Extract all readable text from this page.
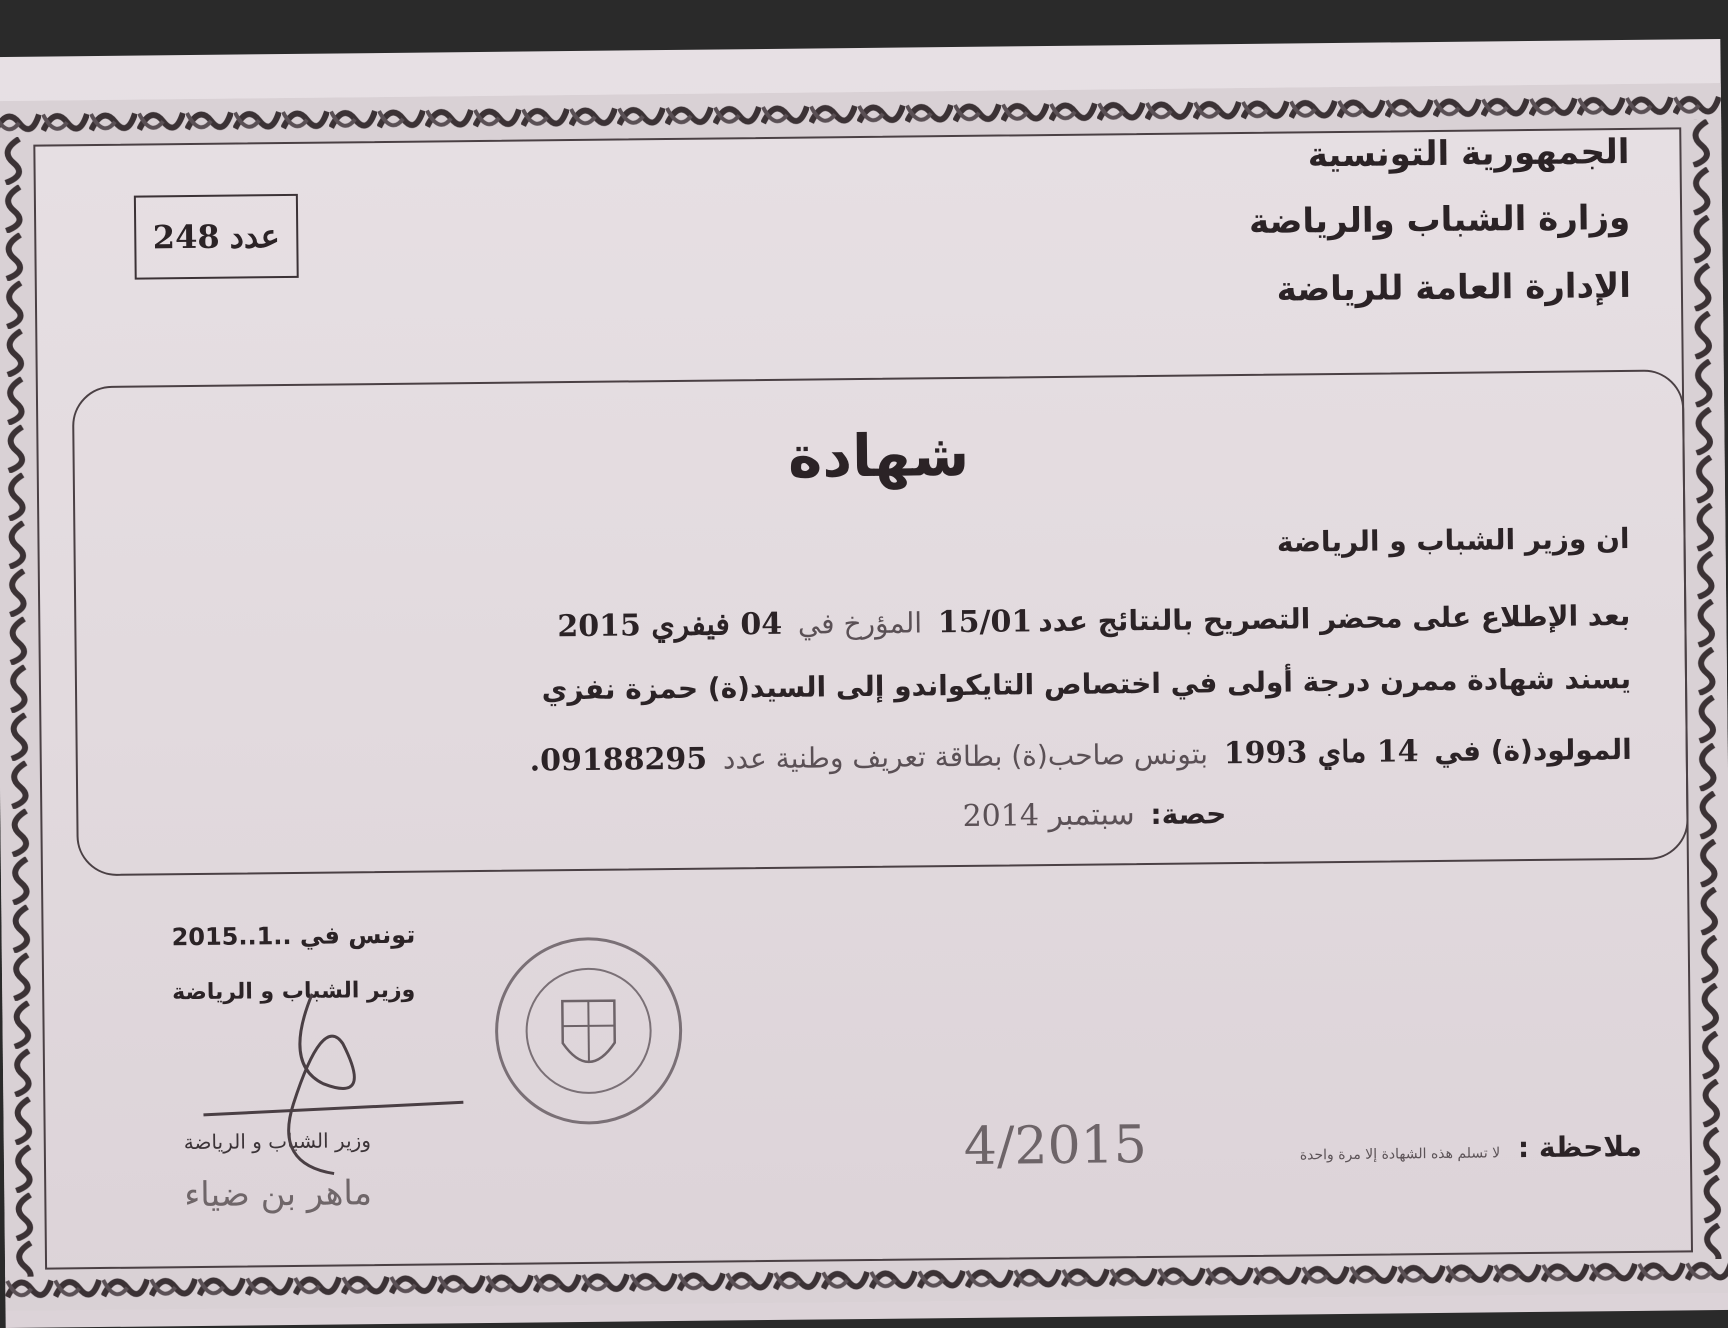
الجمهورية التونسية
وزارة الشباب والرياضة
الإدارة العامة للرياضة
عدد
248
شهادة
ان وزير الشباب و الرياضة
بعد الإطلاع على محضر التصريح بالنتائج عدد15/01 المؤرخ في 04 فيفري 2015
يسند شهادة ممرن درجة أولى في اختصاص التايكواندو إلى السيد(ة) حمزة نفزي
المولود(ة) في 14 ماي 1993 بتونس صاحب(ة) بطاقة تعريف وطنية عدد 09188295.
حصة: سبتمبر 2014
تونس في ..1..2015
وزير الشباب و الرياضة
وزير الشباب و الرياضة
ماهر بن ضياء
4/2015	ملاحظة : لا تسلم هذه الشهادة إلا مرة واحدة
